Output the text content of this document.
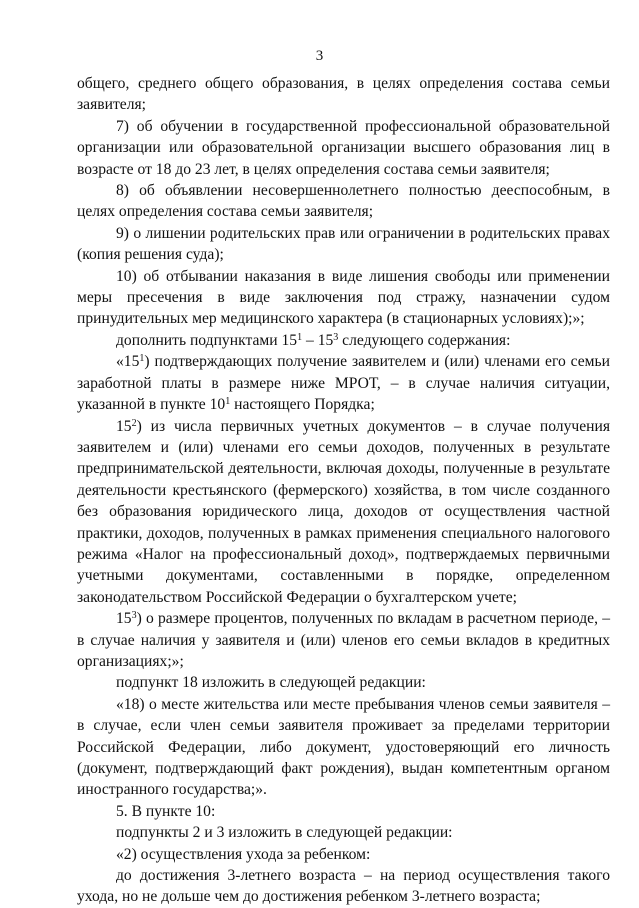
3

общего, среднего общего образования, в целях определения состава семьи заявителя;

7) об обучении в государственной профессиональной образовательной организации или образовательной организации высшего образования лиц в возрасте от 18 до 23 лет, в целях определения состава семьи заявителя;

8) об объявлении несовершеннолетнего полностью дееспособным, в целях определения состава семьи заявителя;

9) о лишении родительских прав или ограничении в родительских правах (копия решения суда);

10) об отбывании наказания в виде лишения свободы или применении меры пресечения в виде заключения под стражу, назначении судом принудительных мер медицинского характера (в стационарных условиях);»;

дополнить подпунктами $15^1 - 15^3$ следующего содержания:

«$15^1$) подтверждающих получение заявителем и (или) членами его семьи заработной платы в размере ниже МРОТ, – в случае наличия ситуации, указанной в пункте $10^1$ настоящего Порядка;

$15^2$) из числа первичных учетных документов – в случае получения заявителем и (или) членами его семьи доходов, полученных в результате предпринимательской деятельности, включая доходы, полученные в результате деятельности крестьянского (фермерского) хозяйства, в том числе созданного без образования юридического лица, доходов от осуществления частной практики, доходов, полученных в рамках применения специального налогового режима «Налог на профессиональный доход», подтверждаемых первичными учетными документами, составленными в порядке, определенном законодательством Российской Федерации о бухгалтерском учете;

$15^3$) о размере процентов, полученных по вкладам в расчетном периоде, – в случае наличия у заявителя и (или) членов его семьи вкладов в кредитных организациях;»;

подпункт 18 изложить в следующей редакции:

«18) о месте жительства или месте пребывания членов семьи заявителя – в случае, если член семьи заявителя проживает за пределами территории Российской Федерации, либо документ, удостоверяющий его личность (документ, подтверждающий факт рождения), выдан компетентным органом иностранного государства;».

5. В пункте 10:

подпункты 2 и 3 изложить в следующей редакции:

«2) осуществления ухода за ребенком:

до достижения 3-летнего возраста – на период осуществления такого ухода, но не дольше чем до достижения ребенком 3-летнего возраста;
